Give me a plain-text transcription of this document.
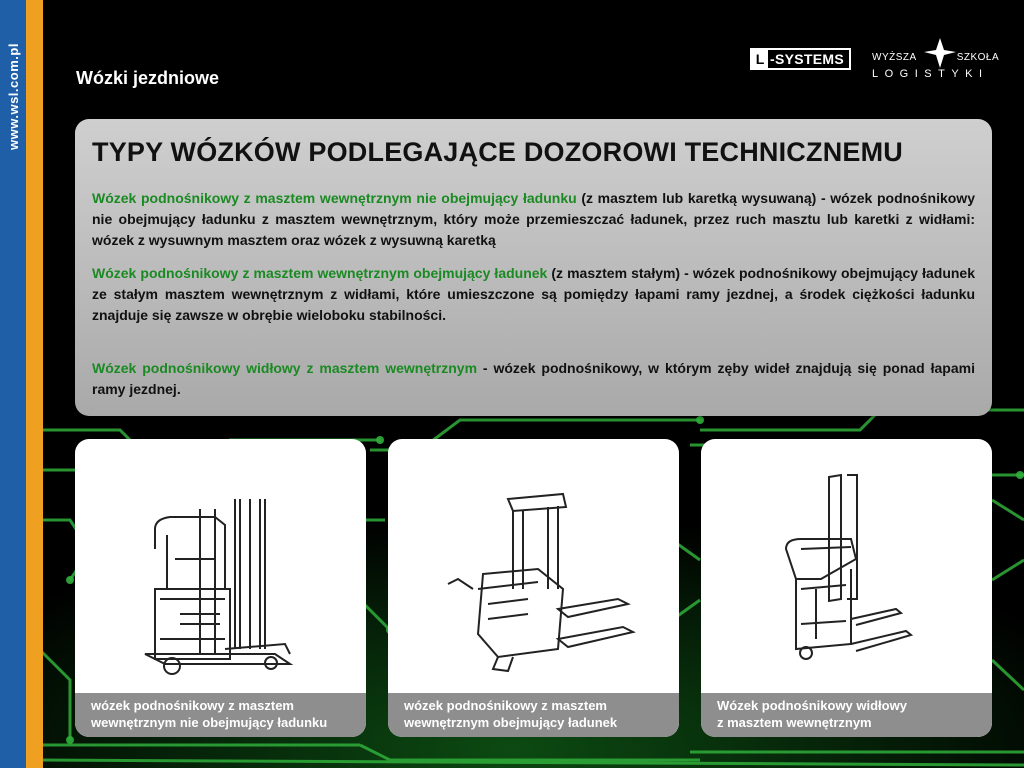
Wózki jezdniowe
L -SYSTEMS	WYŻSZA	SZKOŁA
LOGISTYKI
TYPY WÓZKÓW PODLEGAJĄCE DOZOROWI TECHNICZNEMU
Wózek podnośnikowy z masztem wewnętrznym nie obejmujący ładunku (z masztem lub karetką wysuwaną) - wózek podnośnikowy nie obejmujący ładunku z masztem wewnętrznym, który może przemieszczać ładunek, przez ruch masztu lub karetki z widłami: wózek z wysuwnym masztem oraz wózek z wysuwną karetką
Wózek podnośnikowy z masztem wewnętrznym obejmujący ładunek (z masztem stałym) - wózek podnośnikowy obejmujący ładunek ze stałym masztem wewnętrznym z widłami, które umieszczone są pomiędzy łapami ramy jezdnej, a środek ciężkości ładunku znajduje się zawsze w obrębie wieloboku stabilności.
Wózek podnośnikowy widłowy z masztem wewnętrznym - wózek podnośnikowy, w którym zęby wideł znajdują się ponad łapami ramy jezdnej.
wózek podnośnikowy z masztem
wewnętrznym nie obejmujący ładunku
wózek podnośnikowy z masztem
wewnętrznym obejmujący ładunek
Wózek podnośnikowy widłowy
z masztem wewnętrznym
